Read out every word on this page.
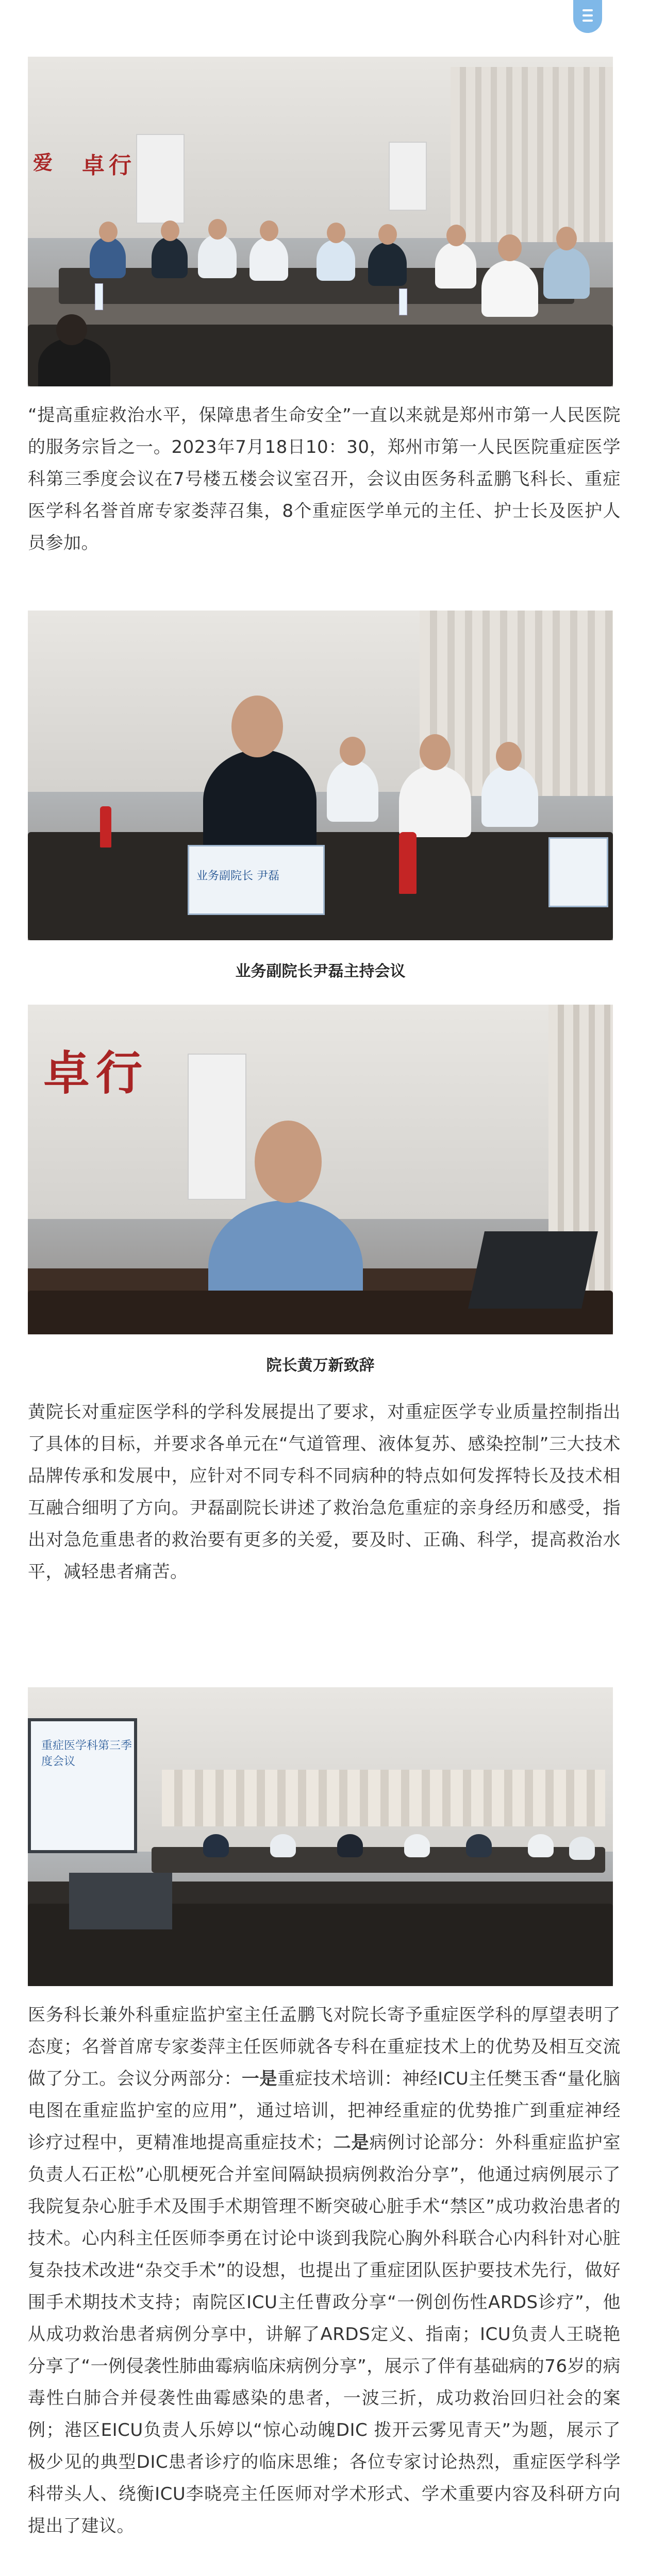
爱 卓行

“提高重症救治水平，保障患者生命安全”一直以来就是郑州市第一人民医院的服务宗旨之一。2023年7月18日10：30，郑州市第一人民医院重症医学科第三季度会议在7号楼五楼会议室召开，会议由医务科孟鹏飞科长、重症医学科名誉首席专家娄萍召集，8个重症医学单元的主任、护士长及医护人员参加。

业务副院长 尹磊

业务副院长尹磊主持会议

卓行

院长黄万新致辞

黄院长对重症医学科的学科发展提出了要求，对重症医学专业质量控制指出了具体的目标，并要求各单元在“气道管理、液体复苏、感染控制”三大技术品牌传承和发展中，应针对不同专科不同病种的特点如何发挥特长及技术相互融合细明了方向。尹磊副院长讲述了救治急危重症的亲身经历和感受，指出对急危重患者的救治要有更多的关爱，要及时、正确、科学，提高救治水平，减轻患者痛苦。

重症医学科第三季度会议

医务科长兼外科重症监护室主任孟鹏飞对院长寄予重症医学科的厚望表明了态度；名誉首席专家娄萍主任医师就各专科在重症技术上的优势及相互交流做了分工。会议分两部分：一是重症技术培训：神经ICU主任樊玉香“量化脑电图在重症监护室的应用”，通过培训，把神经重症的优势推广到重症神经诊疗过程中，更精准地提高重症技术；二是病例讨论部分：外科重症监护室负责人石正松”心肌梗死合并室间隔缺损病例救治分享”，他通过病例展示了我院复杂心脏手术及围手术期管理不断突破心脏手术“禁区”成功救治患者的技术。心内科主任医师李勇在讨论中谈到我院心胸外科联合心内科针对心脏复杂技术改进“杂交手术”的设想，也提出了重症团队医护要技术先行，做好围手术期技术支持；南院区ICU主任曹政分享“一例创伤性ARDS诊疗”，他从成功救治患者病例分享中，讲解了ARDS定义、指南；ICU负责人王晓艳分享了“一例侵袭性肺曲霉病临床病例分享”，展示了伴有基础病的76岁的病毒性白肺合并侵袭性曲霉感染的患者，一波三折，成功救治回归社会的案例；港区EICU负责人乐婷以“惊心动魄DIC 拨开云雾见青天”为题，展示了极少见的典型DIC患者诊疗的临床思维；各位专家讨论热烈，重症医学科学科带头人、绕衡ICU李晓亮主任医师对学术形式、学术重要内容及科研方向提出了建议。
